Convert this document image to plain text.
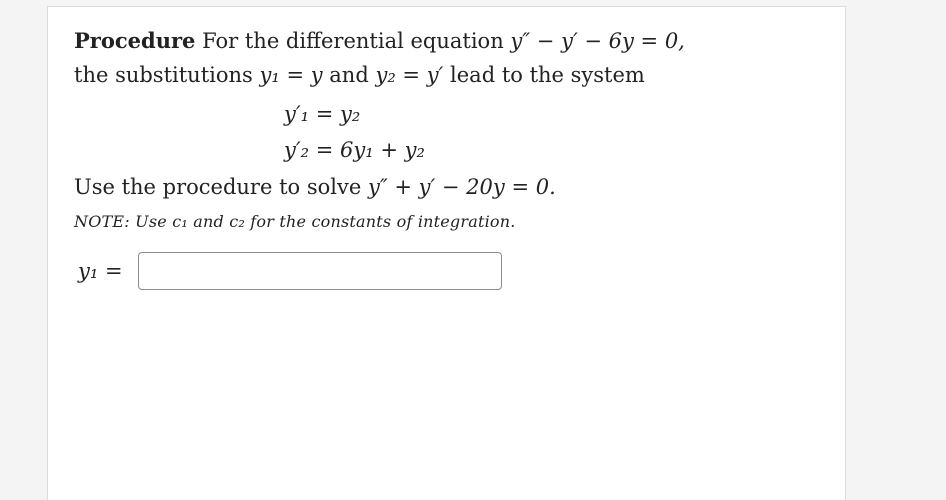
Procedure For the differential equation y″ − y′ − 6y = 0,
the substitutions y₁ = y and y₂ = y′ lead to the system
y′₁ = y₂
y′₂ = 6y₁ + y₂
Use the procedure to solve y″ + y′ − 20y = 0.
NOTE: Use c₁ and c₂ for the constants of integration.
y₁ =
